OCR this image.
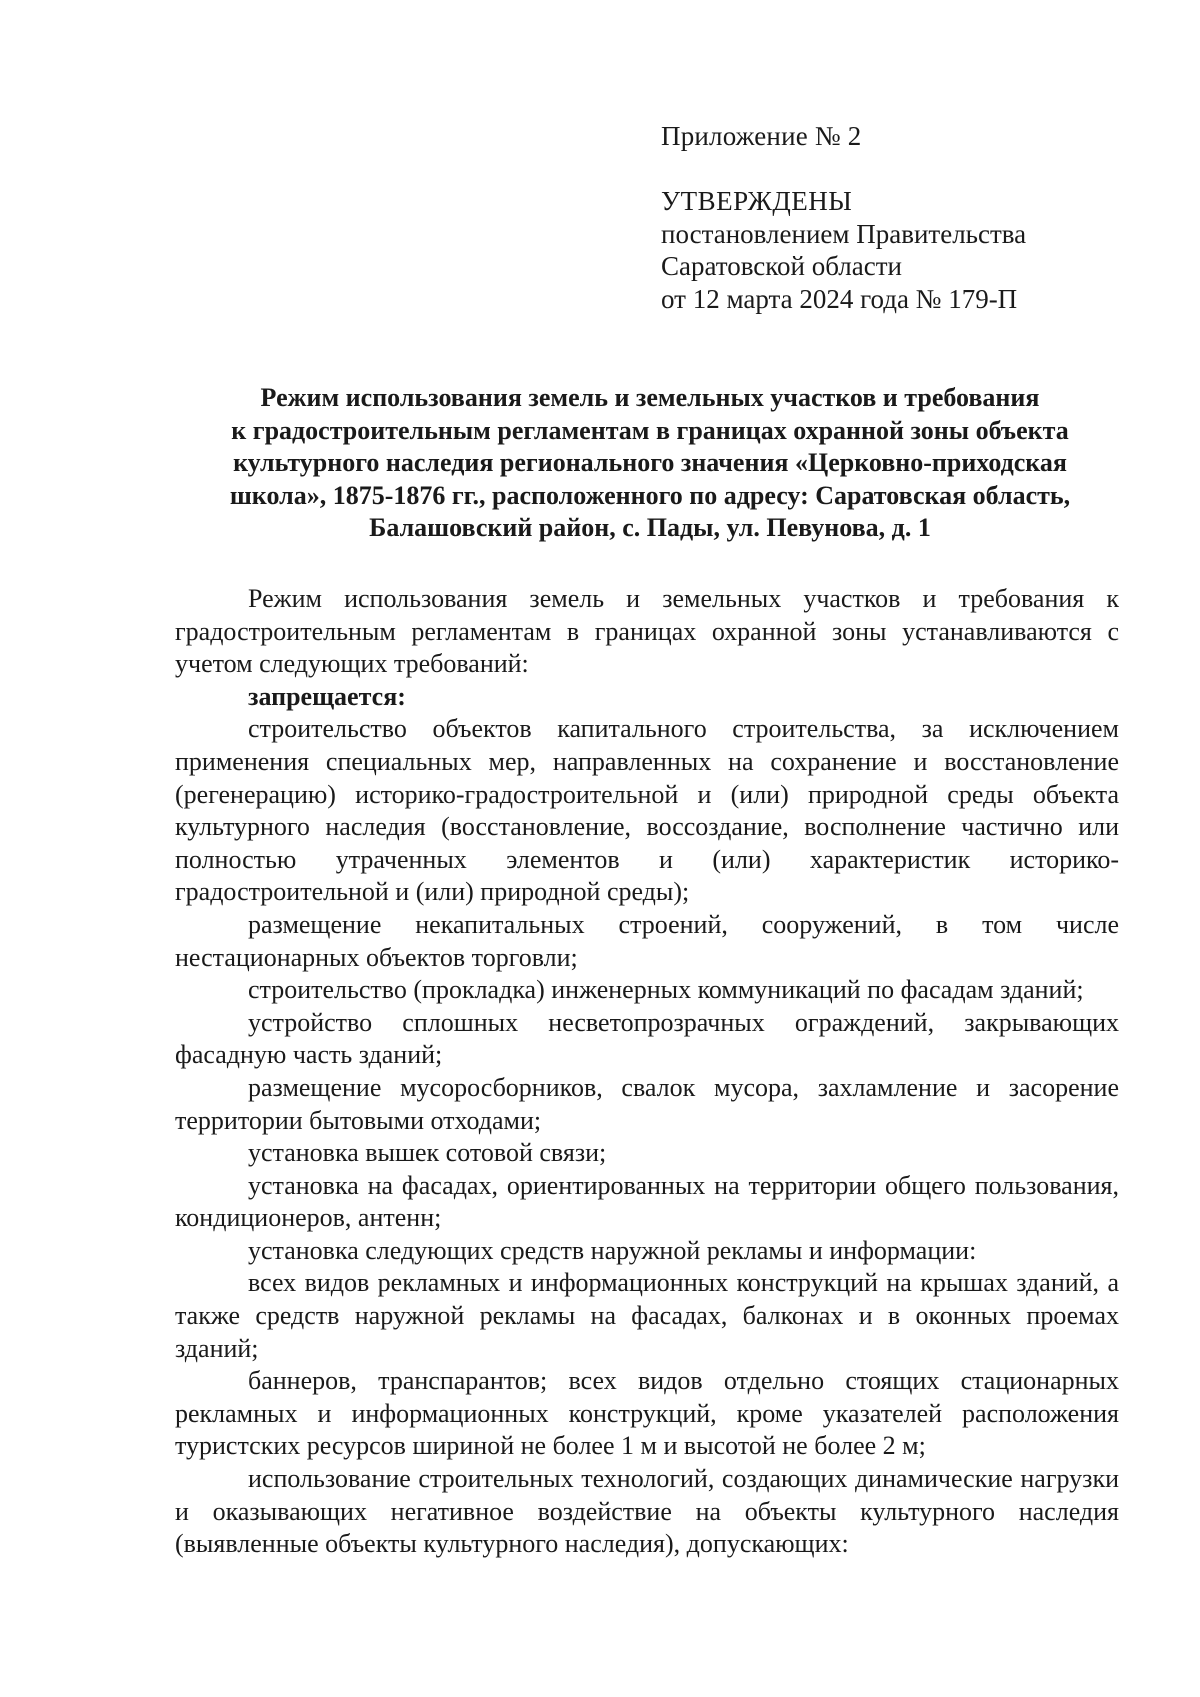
Приложение № 2
УТВЕРЖДЕНЫ
постановлением Правительства
Саратовской области
от 12 марта 2024 года № 179-П
Режим использования земель и земельных участков и требования
к градостроительным регламентам в границах охранной зоны объекта
культурного наследия регионального значения «Церковно-приходская
школа», 1875-1876 гг., расположенного по адресу: Саратовская область,
Балашовский район, с. Пады, ул. Певунова, д. 1

Режим использования земель и земельных участков и требования к градостроительным регламентам в границах охранной зоны устанавливаются с учетом следующих требований:

запрещается:

строительство объектов капитального строительства, за исключением применения специальных мер, направленных на сохранение и восстановление (регенерацию) историко-градостроительной и (или) природной среды объекта культурного наследия (восстановление, воссоздание, восполнение частично или полностью утраченных элементов и (или) характеристик историко-градостроительной и (или) природной среды);

размещение некапитальных строений, сооружений, в том числе нестационарных объектов торговли;

строительство (прокладка) инженерных коммуникаций по фасадам зданий;

устройство сплошных несветопрозрачных ограждений, закрывающих фасадную часть зданий;

размещение мусоросборников, свалок мусора, захламление и засорение территории бытовыми отходами;

установка вышек сотовой связи;

установка на фасадах, ориентированных на территории общего пользования, кондиционеров, антенн;

установка следующих средств наружной рекламы и информации:

всех видов рекламных и информационных конструкций на крышах зданий, а также средств наружной рекламы на фасадах, балконах и в оконных проемах зданий;

баннеров, транспарантов; всех видов отдельно стоящих стационарных рекламных и информационных конструкций, кроме указателей расположения туристских ресурсов шириной не более 1 м и высотой не более 2 м;

использование строительных технологий, создающих динамические нагрузки и оказывающих негативное воздействие на объекты культурного наследия (выявленные объекты культурного наследия), допускающих:
